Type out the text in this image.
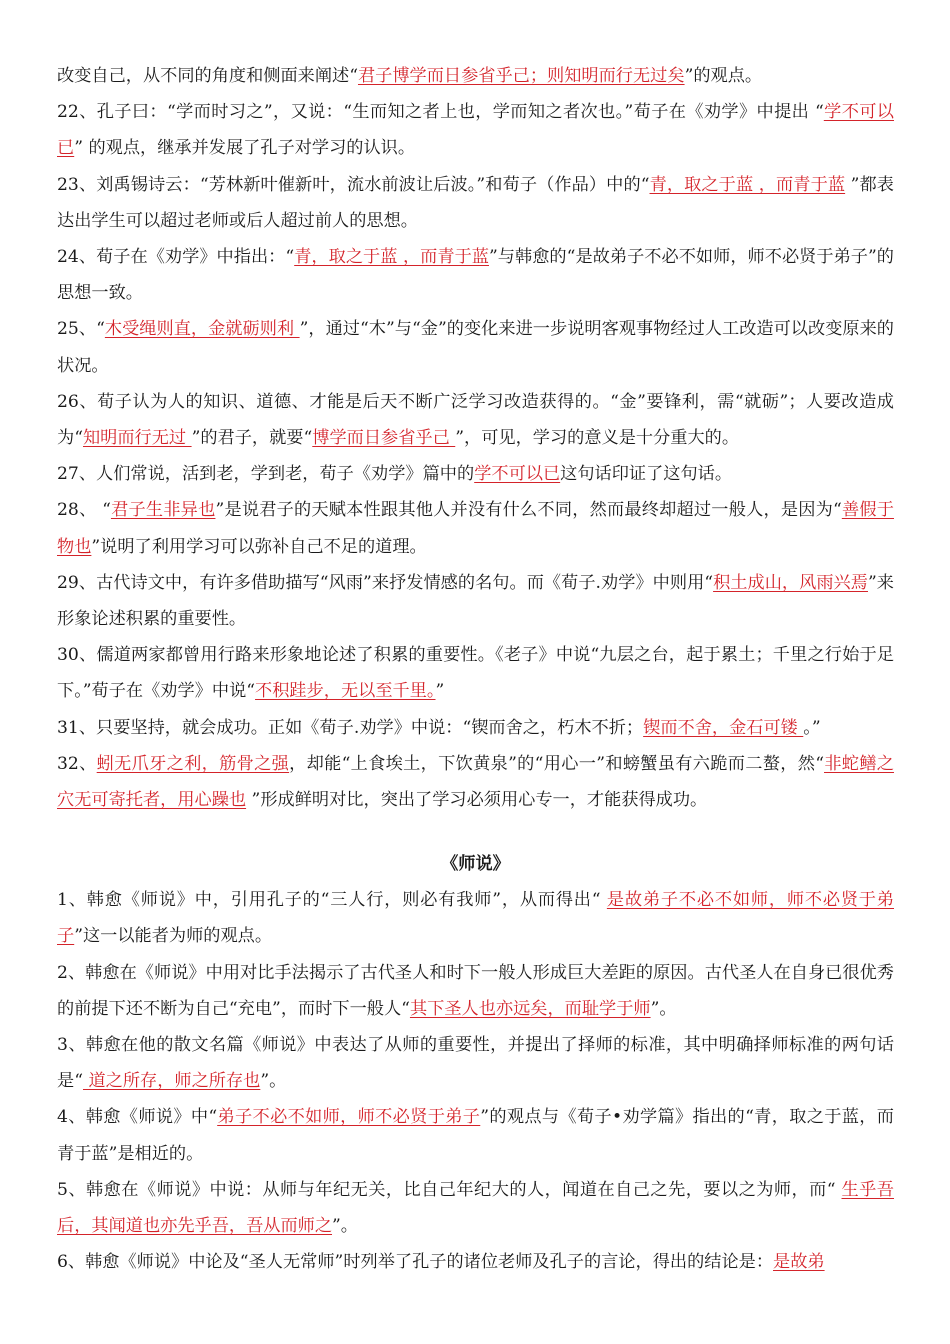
改变自己，从不同的角度和侧面来阐述“君子博学而日参省乎己；则知明而行无过矣”的观点。

22、孔子曰：“学而时习之”，又说：“生而知之者上也，学而知之者次也。”荀子在《劝学》中提出 “学不可以已” 的观点，继承并发展了孔子对学习的认识。

23、刘禹锡诗云：“芳林新叶催新叶，流水前波让后波。”和荀子（作品）中的“青，取之于蓝 ，而青于蓝 ”都表达出学生可以超过老师或后人超过前人的思想。

24、荀子在《劝学》中指出：“青，取之于蓝 ，而青于蓝”与韩愈的“是故弟子不必不如师，师不必贤于弟子”的思想一致。

25、“木受绳则直，金就砺则利 ”，通过“木”与“金”的变化来进一步说明客观事物经过人工改造可以改变原来的状况。

26、荀子认为人的知识、道德、才能是后天不断广泛学习改造获得的。“金”要锋利，需“就砺”；人要改造成为“知明而行无过 ”的君子，就要“博学而日参省乎己 ”，可见，学习的意义是十分重大的。

27、人们常说，活到老，学到老，荀子《劝学》篇中的学不可以已这句话印证了这句话。

28、 “君子生非异也”是说君子的天赋本性跟其他人并没有什么不同，然而最终却超过一般人，是因为“善假于物也”说明了利用学习可以弥补自己不足的道理。

29、古代诗文中，有许多借助描写“风雨”来抒发情感的名句。而《荀子.劝学》中则用“积土成山，风雨兴焉”来形象论述积累的重要性。

30、儒道两家都曾用行路来形象地论述了积累的重要性。《老子》中说“九层之台，起于累土；千里之行始于足下。”荀子在《劝学》中说“不积跬步，无以至千里。”

31、只要坚持，就会成功。正如《荀子.劝学》中说：“锲而舍之，朽木不折；锲而不舍，金石可镂 。”

32、蚓无爪牙之利，筋骨之强，却能“上食埃土，下饮黄泉”的“用心一”和螃蟹虽有六跪而二螯，然“非蛇鳝之穴无可寄托者，用心躁也 ”形成鲜明对比，突出了学习必须用心专一，才能获得成功。

《师说》

1、韩愈《师说》中，引用孔子的“三人行，则必有我师”，从而得出“ 是故弟子不必不如师，师不必贤于弟子”这一以能者为师的观点。

2、韩愈在《师说》中用对比手法揭示了古代圣人和时下一般人形成巨大差距的原因。古代圣人在自身已很优秀的前提下还不断为自己“充电”，而时下一般人“其下圣人也亦远矣，而耻学于师”。

3、韩愈在他的散文名篇《师说》中表达了从师的重要性，并提出了择师的标准，其中明确择师标准的两句话是“ 道之所存，师之所存也”。

4、韩愈《师说》中“弟子不必不如师，师不必贤于弟子”的观点与《荀子•劝学篇》指出的“青，取之于蓝，而青于蓝”是相近的。

5、韩愈在《师说》中说：从师与年纪无关，比自己年纪大的人，闻道在自己之先，要以之为师，而“ 生乎吾后，其闻道也亦先乎吾，吾从而师之”。

6、韩愈《师说》中论及“圣人无常师”时列举了孔子的诸位老师及孔子的言论，得出的结论是：是故弟
